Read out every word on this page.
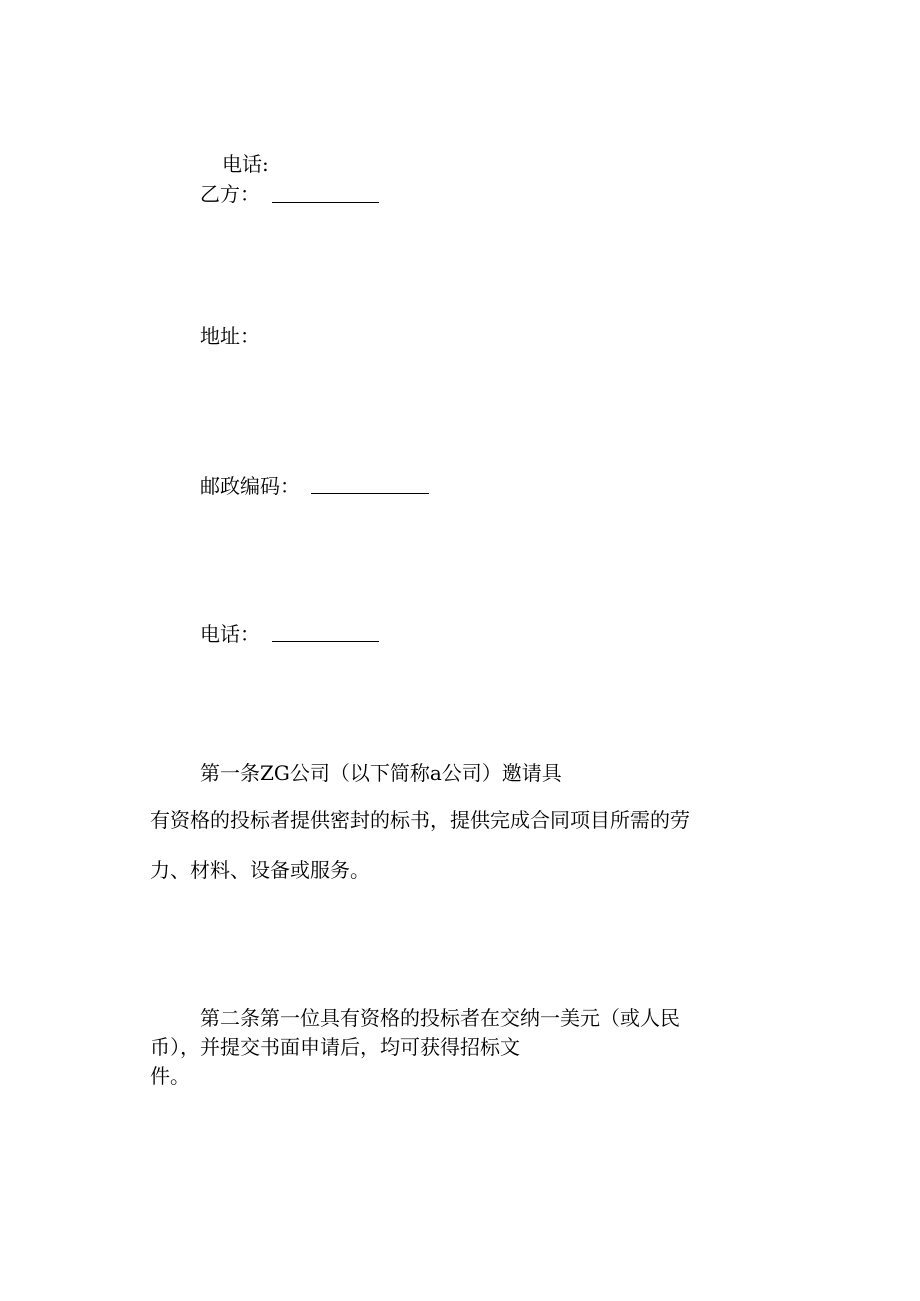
电话:
乙方：
地址：
邮政编码：
电话：
第一条ZG公司（以下简称a公司）邀请具
有资格的投标者提供密封的标书，提供完成合同项目所需的劳
力、材料、设备或服务。
第二条第一位具有资格的投标者在交纳一美元（或人民
币），并提交书面申请后，均可获得招标文
件。
